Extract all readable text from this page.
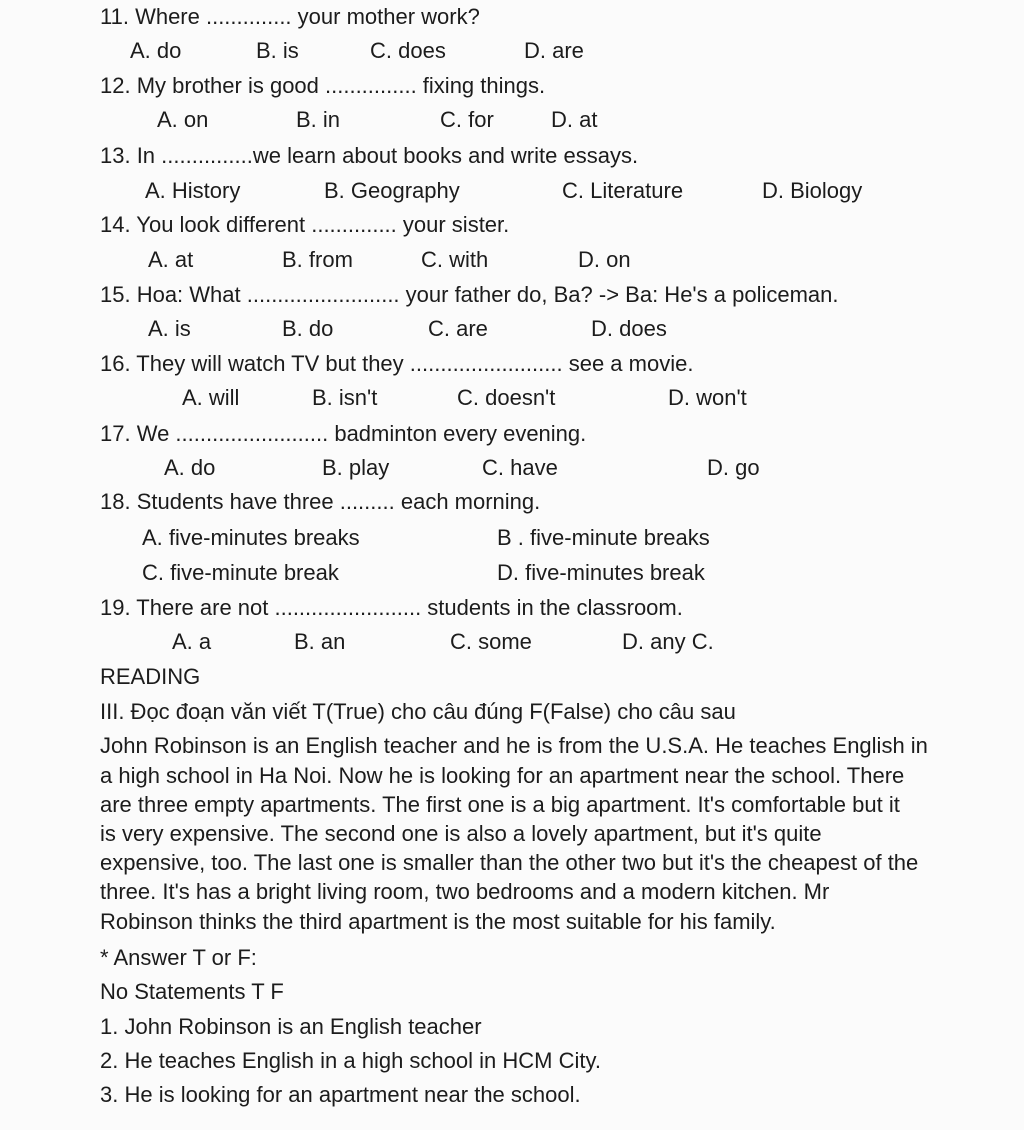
11. Where .............. your mother work?
A. do	B. is	C. does	D. are
12. My brother is good ............... fixing things.
A. on	B. in	C. for	D. at
13. In ...............we learn about books and write essays.
A. History	B. Geography	C. Literature	D. Biology
14. You look different .............. your sister.
A. at	B. from	C. with	D. on
15. Hoa: What ......................... your father do, Ba? -> Ba: He's a policeman.
A. is	B. do	C. are	D. does
16. They will watch TV but they ......................... see a movie.
A. will	B. isn't	C. doesn't	D. won't
17. We ......................... badminton every evening.
A. do	B. play	C. have	D. go
18. Students have three ......... each morning.
A. five-minutes breaks	B . five-minute breaks
C. five-minute break	D. five-minutes break
19. There are not ........................ students in the classroom.
A. a	B. an	C. some	D. any C.
READING
III. Đọc đoạn văn viết T(True) cho câu đúng F(False) cho câu sau
John Robinson is an English teacher and he is from the U.S.A. He teaches English in
a high school in Ha Noi. Now he is looking for an apartment near the school. There
are three empty apartments. The first one is a big apartment. It's comfortable but it
is very expensive. The second one is also a lovely apartment, but it's quite
expensive, too. The last one is smaller than the other two but it's the cheapest of the
three. It's has a bright living room, two bedrooms and a modern kitchen. Mr
Robinson thinks the third apartment is the most suitable for his family.
* Answer T or F:
No Statements T F
1. John Robinson is an English teacher
2. He teaches English in a high school in HCM City.
3. He is looking for an apartment near the school.
